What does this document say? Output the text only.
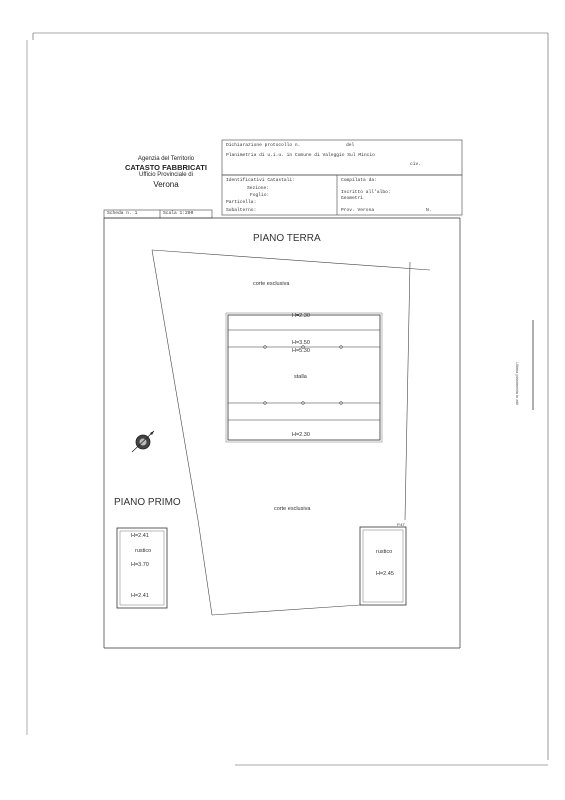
Agenzia del Territorio
CATASTO FABBRICATI
Ufficio Provinciale di
Verona
Dichiarazione protocollo n.	del
Planimetria di u.i.u. in Comune di Valeggio Sul Mincio
civ.
Identificativi Catastali:
Sezione:
Foglio:
Particella:
Subalterno:
Compilata da:
Iscritto all'albo:
Geometri
Prov. Verona	N.
Scheda n. 1	Scala 1:200
PIANO TERRA
PIANO PRIMO
corte esclusiva
corte esclusiva
H=2.30
H=3.50
H=5.30
stalla
H=2.30
H=2.41
rustico
H=3.70
H=2.41
rustico
H=2.45
P.47
Ultima planimetria in atti
